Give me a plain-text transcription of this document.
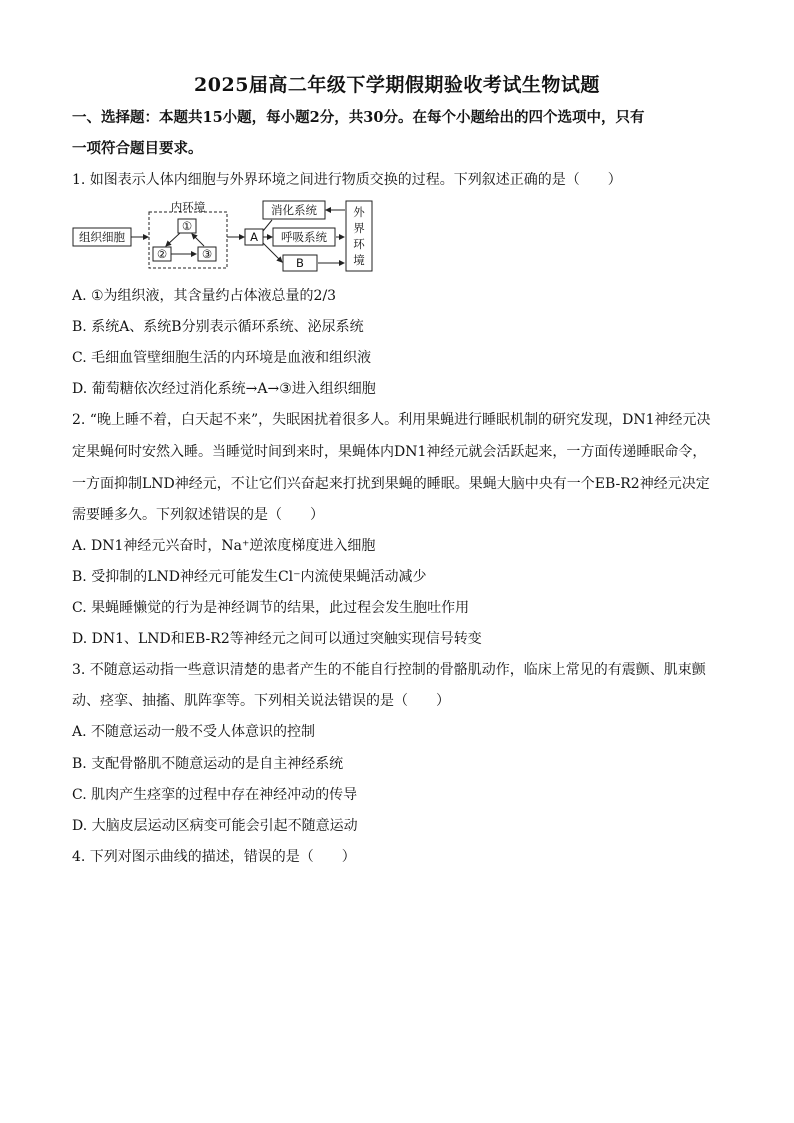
2025届高二年级下学期假期验收考试生物试题
一、选择题：本题共15小题，每小题2分，共30分。在每个小题给出的四个选项中，只有
一项符合题目要求。
1. 如图表示人体内细胞与外界环境之间进行物质交换的过程。下列叙述正确的是（　　）
组织细胞
内环境
①
②	③
A
消化系统
呼吸系统
B
外
界
环
境
A. ①为组织液，其含量约占体液总量的2/3
B. 系统A、系统B分别表示循环系统、泌尿系统
C. 毛细血管壁细胞生活的内环境是血液和组织液
D. 葡萄糖依次经过消化系统→A→③进入组织细胞
2. “晚上睡不着，白天起不来”，失眠困扰着很多人。利用果蝇进行睡眠机制的研究发现，DN1神经元决
定果蝇何时安然入睡。当睡觉时间到来时，果蝇体内DN1神经元就会活跃起来，一方面传递睡眠命令，
一方面抑制LND神经元，不让它们兴奋起来打扰到果蝇的睡眠。果蝇大脑中央有一个EB-R2神经元决定
需要睡多久。下列叙述错误的是（　　）
A. DN1神经元兴奋时，Na⁺逆浓度梯度进入细胞
B. 受抑制的LND神经元可能发生Cl⁻内流使果蝇活动减少
C. 果蝇睡懒觉的行为是神经调节的结果，此过程会发生胞吐作用
D. DN1、LND和EB-R2等神经元之间可以通过突触实现信号转变
3. 不随意运动指一些意识清楚的患者产生的不能自行控制的骨骼肌动作，临床上常见的有震颤、肌束颤
动、痉挛、抽搐、肌阵挛等。下列相关说法错误的是（　　）
A. 不随意运动一般不受人体意识的控制
B. 支配骨骼肌不随意运动的是自主神经系统
C. 肌肉产生痉挛的过程中存在神经冲动的传导
D. 大脑皮层运动区病变可能会引起不随意运动
4. 下列对图示曲线的描述，错误的是（　　）
